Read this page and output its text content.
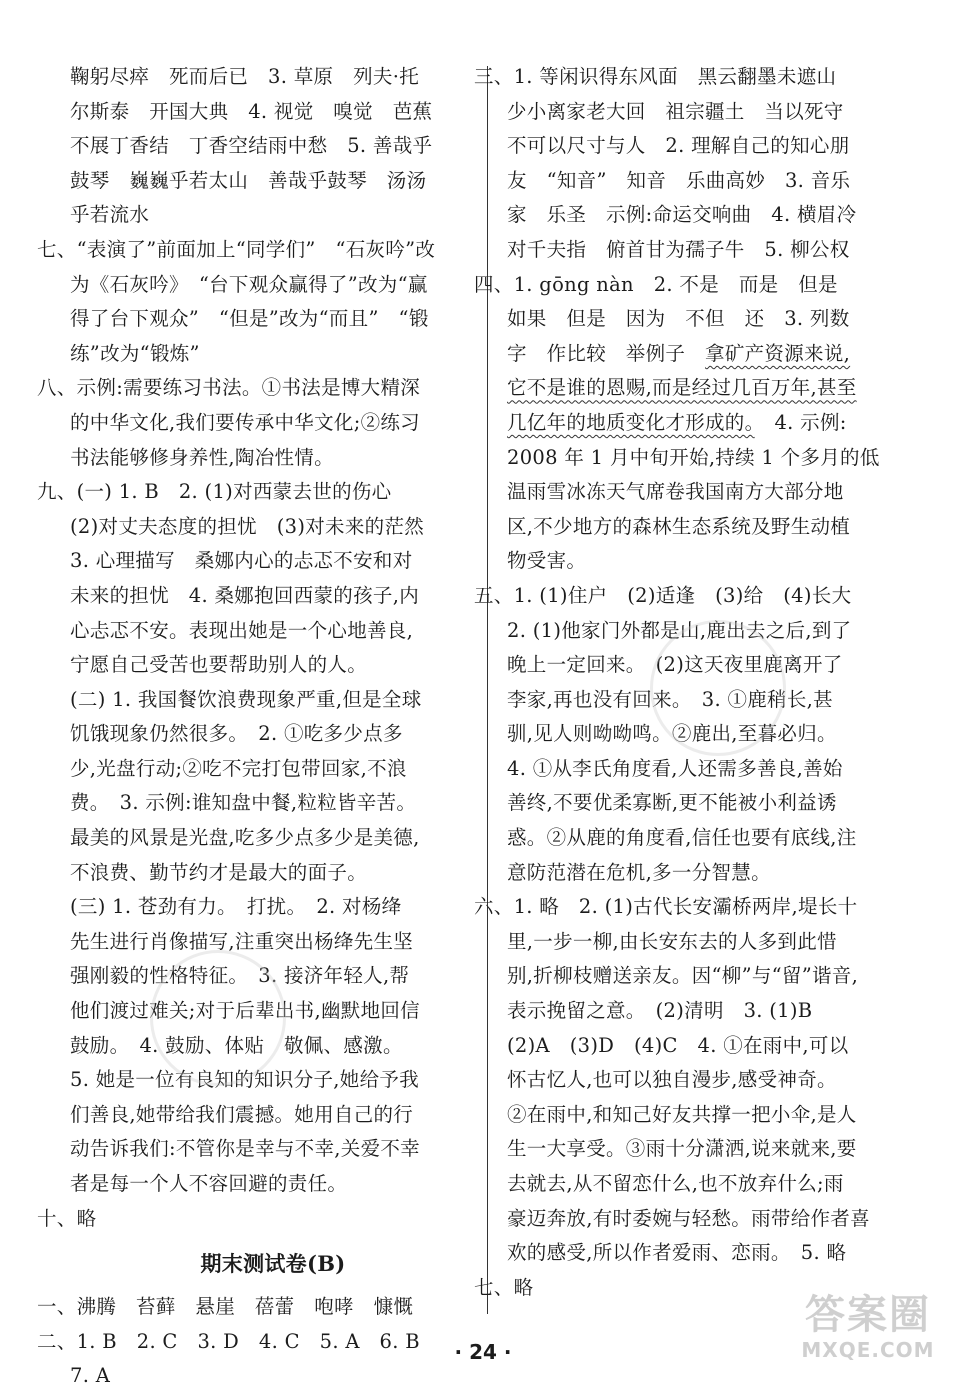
鞠躬尽瘁　死而后已　3. 草原　列夫·托
尔斯泰　开国大典　4. 视觉　嗅觉　芭蕉
不展丁香结　丁香空结雨中愁　5. 善哉乎
鼓琴　巍巍乎若太山　善哉乎鼓琴　汤汤
乎若流水
七、“表演了”前面加上“同学们”　“石灰吟”改
为《石灰吟》　“台下观众赢得了”改为“赢
得了台下观众”　“但是”改为“而且”　“锻
练”改为“锻炼”
八、示例:需要练习书法。①书法是博大精深
的中华文化,我们要传承中华文化;②练习
书法能够修身养性,陶冶性情。
九、(一) 1. B　2. (1)对西蒙去世的伤心
(2)对丈夫态度的担忧　(3)对未来的茫然
3. 心理描写　桑娜内心的忐忑不安和对
未来的担忧　4. 桑娜抱回西蒙的孩子,内
心忐忑不安。表现出她是一个心地善良,
宁愿自己受苦也要帮助别人的人。
(二) 1. 我国餐饮浪费现象严重,但是全球
饥饿现象仍然很多。　2. ①吃多少点多
少,光盘行动;②吃不完打包带回家,不浪
费。　3. 示例:谁知盘中餐,粒粒皆辛苦。
最美的风景是光盘,吃多少点多少是美德,
不浪费、勤节约才是最大的面子。
(三) 1. 苍劲有力。　打扰。　2. 对杨绛
先生进行肖像描写,注重突出杨绛先生坚
强刚毅的性格特征。　3. 接济年轻人,帮
他们渡过难关;对于后辈出书,幽默地回信
鼓励。　4. 鼓励、体贴　敬佩、感激。
5. 她是一位有良知的知识分子,她给予我
们善良,她带给我们震撼。她用自己的行
动告诉我们:不管你是幸与不幸,关爱不幸
者是每一个人不容回避的责任。
十、略
期末测试卷(B)
一、沸腾　苔藓　悬崖　蓓蕾　咆哮　慷慨
二、1. B　2. C　3. D　4. C　5. A　6. B
7. A
三、1. 等闲识得东风面　黑云翻墨未遮山
少小离家老大回　祖宗疆土　当以死守
不可以尺寸与人　2. 理解自己的知心朋
友　“知音”　知音　乐曲高妙　3. 音乐
家　乐圣　示例:命运交响曲　4. 横眉冷
对千夫指　俯首甘为孺子牛　5. 柳公权
四、1. gōng nàn　2. 不是　而是　但是
如果　但是　因为　不但　还　3. 列数
字　作比较　举例子　拿矿产资源来说,
它不是谁的恩赐,而是经过几百万年,甚至
几亿年的地质变化才形成的。　4. 示例:
2008 年 1 月中旬开始,持续 1 个多月的低
温雨雪冰冻天气席卷我国南方大部分地
区,不少地方的森林生态系统及野生动植
物受害。
五、1. (1)住户　(2)适逢　(3)给　(4)长大
2. (1)他家门外都是山,鹿出去之后,到了
晚上一定回来。　(2)这天夜里鹿离开了
李家,再也没有回来。　3. ①鹿稍长,甚
驯,见人则呦呦鸣。②鹿出,至暮必归。
4. ①从李氏角度看,人还需多善良,善始
善终,不要优柔寡断,更不能被小利益诱
惑。②从鹿的角度看,信任也要有底线,注
意防范潜在危机,多一分智慧。
六、1. 略　2. (1)古代长安灞桥两岸,堤长十
里,一步一柳,由长安东去的人多到此惜
别,折柳枝赠送亲友。因“柳”与“留”谐音,
表示挽留之意。　(2)清明　3. (1)B
(2)A　(3)D　(4)C　4. ①在雨中,可以
怀古忆人,也可以独自漫步,感受神奇。
②在雨中,和知己好友共撑一把小伞,是人
生一大享受。③雨十分潇洒,说来就来,要
去就去,从不留恋什么,也不放弃什么;雨
豪迈奔放,有时委婉与轻愁。雨带给作者喜
欢的感受,所以作者爱雨、恋雨。　5. 略
七、略
· 24 ·
答案圈
MXQE.COM
